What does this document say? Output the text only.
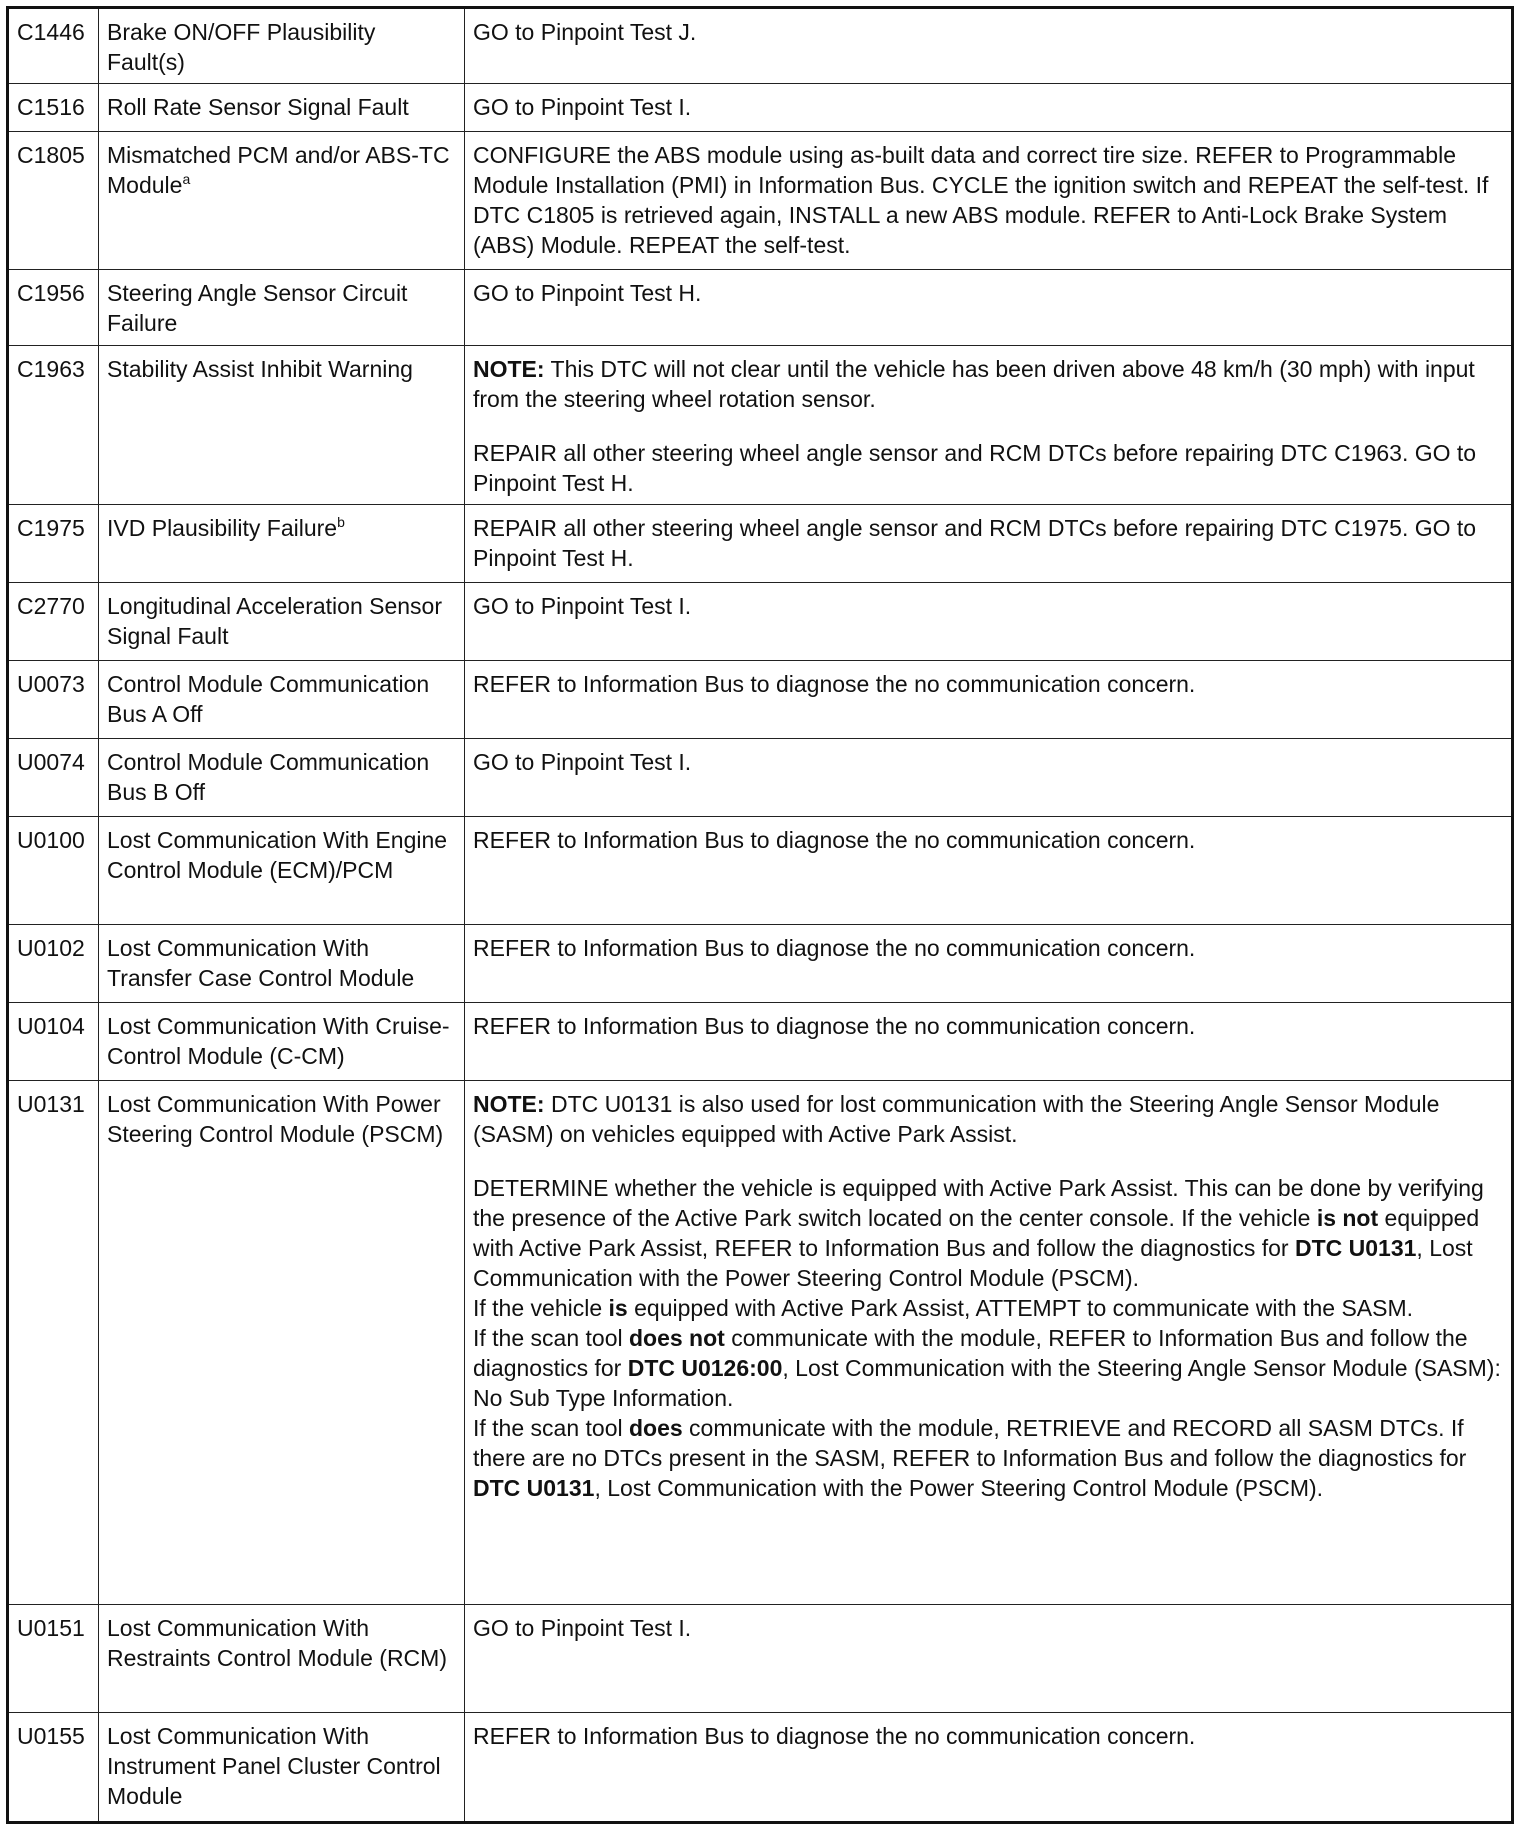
C1446	Brake ON/OFF Plausibility Fault(s)	GO to Pinpoint Test J.
C1516	Roll Rate Sensor Signal Fault	GO to Pinpoint Test I.
C1805	Mismatched PCM and/or ABS-TC Module$^a$	CONFIGURE the ABS module using as-built data and correct tire size. REFER to Programmable Module Installation (PMI) in Information Bus. CYCLE the ignition switch and REPEAT the self-test. If DTC C1805 is retrieved again, INSTALL a new ABS module. REFER to Anti-Lock Brake System (ABS) Module. REPEAT the self-test.
C1956	Steering Angle Sensor Circuit Failure	GO to Pinpoint Test H.
C1963	Stability Assist Inhibit Warning	NOTE: This DTC will not clear until the vehicle has been driven above 48 km/h (30 mph) with input from the steering wheel rotation sensor.
REPAIR all other steering wheel angle sensor and RCM DTCs before repairing DTC C1963. GO to Pinpoint Test H.

C1975	IVD Plausibility Failure$^b$	REPAIR all other steering wheel angle sensor and RCM DTCs before repairing DTC C1975. GO to Pinpoint Test H.
C2770	Longitudinal Acceleration Sensor Signal Fault	GO to Pinpoint Test I.
U0073	Control Module Communication Bus A Off	REFER to Information Bus to diagnose the no communication concern.
U0074	Control Module Communication Bus B Off	GO to Pinpoint Test I.
U0100	Lost Communication With Engine Control Module (ECM)/PCM	REFER to Information Bus to diagnose the no communication concern.
U0102	Lost Communication With Transfer Case Control Module	REFER to Information Bus to diagnose the no communication concern.
U0104	Lost Communication With Cruise-Control Module (C-CM)	REFER to Information Bus to diagnose the no communication concern.
U0131	Lost Communication With Power Steering Control Module (PSCM)	NOTE: DTC U0131 is also used for lost communication with the Steering Angle Sensor Module (SASM) on vehicles equipped with Active Park Assist.
DETERMINE whether the vehicle is equipped with Active Park Assist. This can be done by verifying the presence of the Active Park switch located on the center console. If the vehicle is not equipped with Active Park Assist, REFER to Information Bus and follow the diagnostics for DTC U0131, Lost Communication with the Power Steering Control Module (PSCM).
If the vehicle is equipped with Active Park Assist, ATTEMPT to communicate with the SASM.
If the scan tool does not communicate with the module, REFER to Information Bus and follow the diagnostics for DTC U0126:00, Lost Communication with the Steering Angle Sensor Module (SASM): No Sub Type Information.
If the scan tool does communicate with the module, RETRIEVE and RECORD all SASM DTCs. If there are no DTCs present in the SASM, REFER to Information Bus and follow the diagnostics for DTC U0131, Lost Communication with the Power Steering Control Module (PSCM).

U0151	Lost Communication With Restraints Control Module (RCM)	GO to Pinpoint Test I.
U0155	Lost Communication With Instrument Panel Cluster Control Module	REFER to Information Bus to diagnose the no communication concern.
